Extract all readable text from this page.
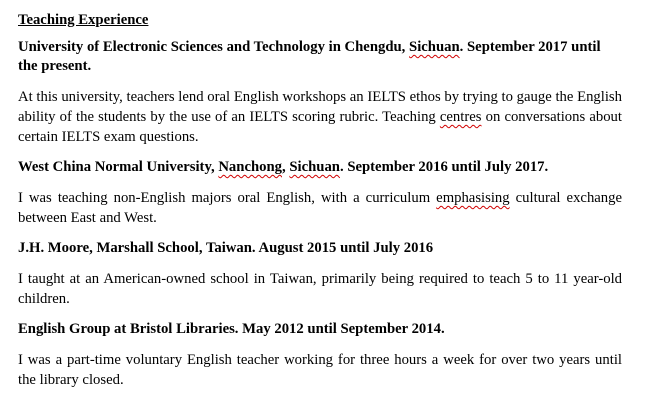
Teaching Experience
University of Electronic Sciences and Technology in Chengdu, Sichuan. September 2017 until the present.
At this university, teachers lend oral English workshops an IELTS ethos by trying to gauge the English ability of the students by the use of an IELTS scoring rubric. Teaching centres on conversations about certain IELTS exam questions.
West China Normal University, Nanchong, Sichuan. September 2016 until July 2017.
I was teaching non-English majors oral English, with a curriculum emphasising cultural exchange between East and West.
J.H. Moore, Marshall School, Taiwan. August 2015 until July 2016
I taught at an American-owned school in Taiwan, primarily being required to teach 5 to 11 year-old children.
English Group at Bristol Libraries. May 2012 until September 2014.
I was a part-time voluntary English teacher working for three hours a week for over two years until the library closed.
